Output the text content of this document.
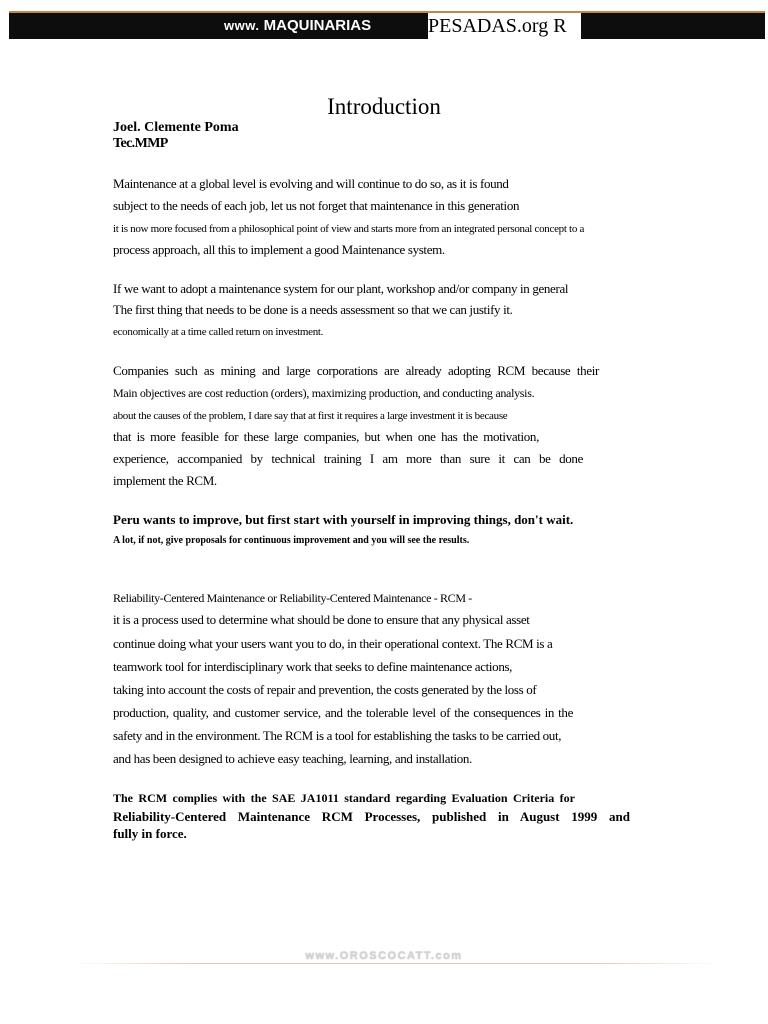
www. MAQUINARIAS	PESADAS.org R
Introduction
Joel. Clemente Poma
Tec.MMP
Maintenance at a global level is evolving and will continue to do so, as it is found
subject to the needs of each job, let us not forget that maintenance in this generation
it is now more focused from a philosophical point of view and starts more from an integrated personal concept to a
process approach, all this to implement a good Maintenance system.
If we want to adopt a maintenance system for our plant, workshop and/or company in general
The first thing that needs to be done is a needs assessment so that we can justify it.
economically at a time called return on investment.
Companies such as mining and large corporations are already adopting RCM because their
Main objectives are cost reduction (orders), maximizing production, and conducting analysis.
about the causes of the problem, I dare say that at first it requires a large investment it is because
that is more feasible for these large companies, but when one has the motivation,
experience, accompanied by technical training I am more than sure it can be done
implement the RCM.
Peru wants to improve, but first start with yourself in improving things, don't wait.
A lot, if not, give proposals for continuous improvement and you will see the results.
Reliability-Centered Maintenance or Reliability-Centered Maintenance - RCM -
it is a process used to determine what should be done to ensure that any physical asset
continue doing what your users want you to do, in their operational context. The RCM is a
teamwork tool for interdisciplinary work that seeks to define maintenance actions,
taking into account the costs of repair and prevention, the costs generated by the loss of
production, quality, and customer service, and the tolerable level of the consequences in the
safety and in the environment. The RCM is a tool for establishing the tasks to be carried out,
and has been designed to achieve easy teaching, learning, and installation.
The RCM complies with the SAE JA1011 standard regarding Evaluation Criteria for
Reliability-Centered Maintenance RCM Processes, published in August 1999 and
fully in force.
www.OROSCOCATT.com
